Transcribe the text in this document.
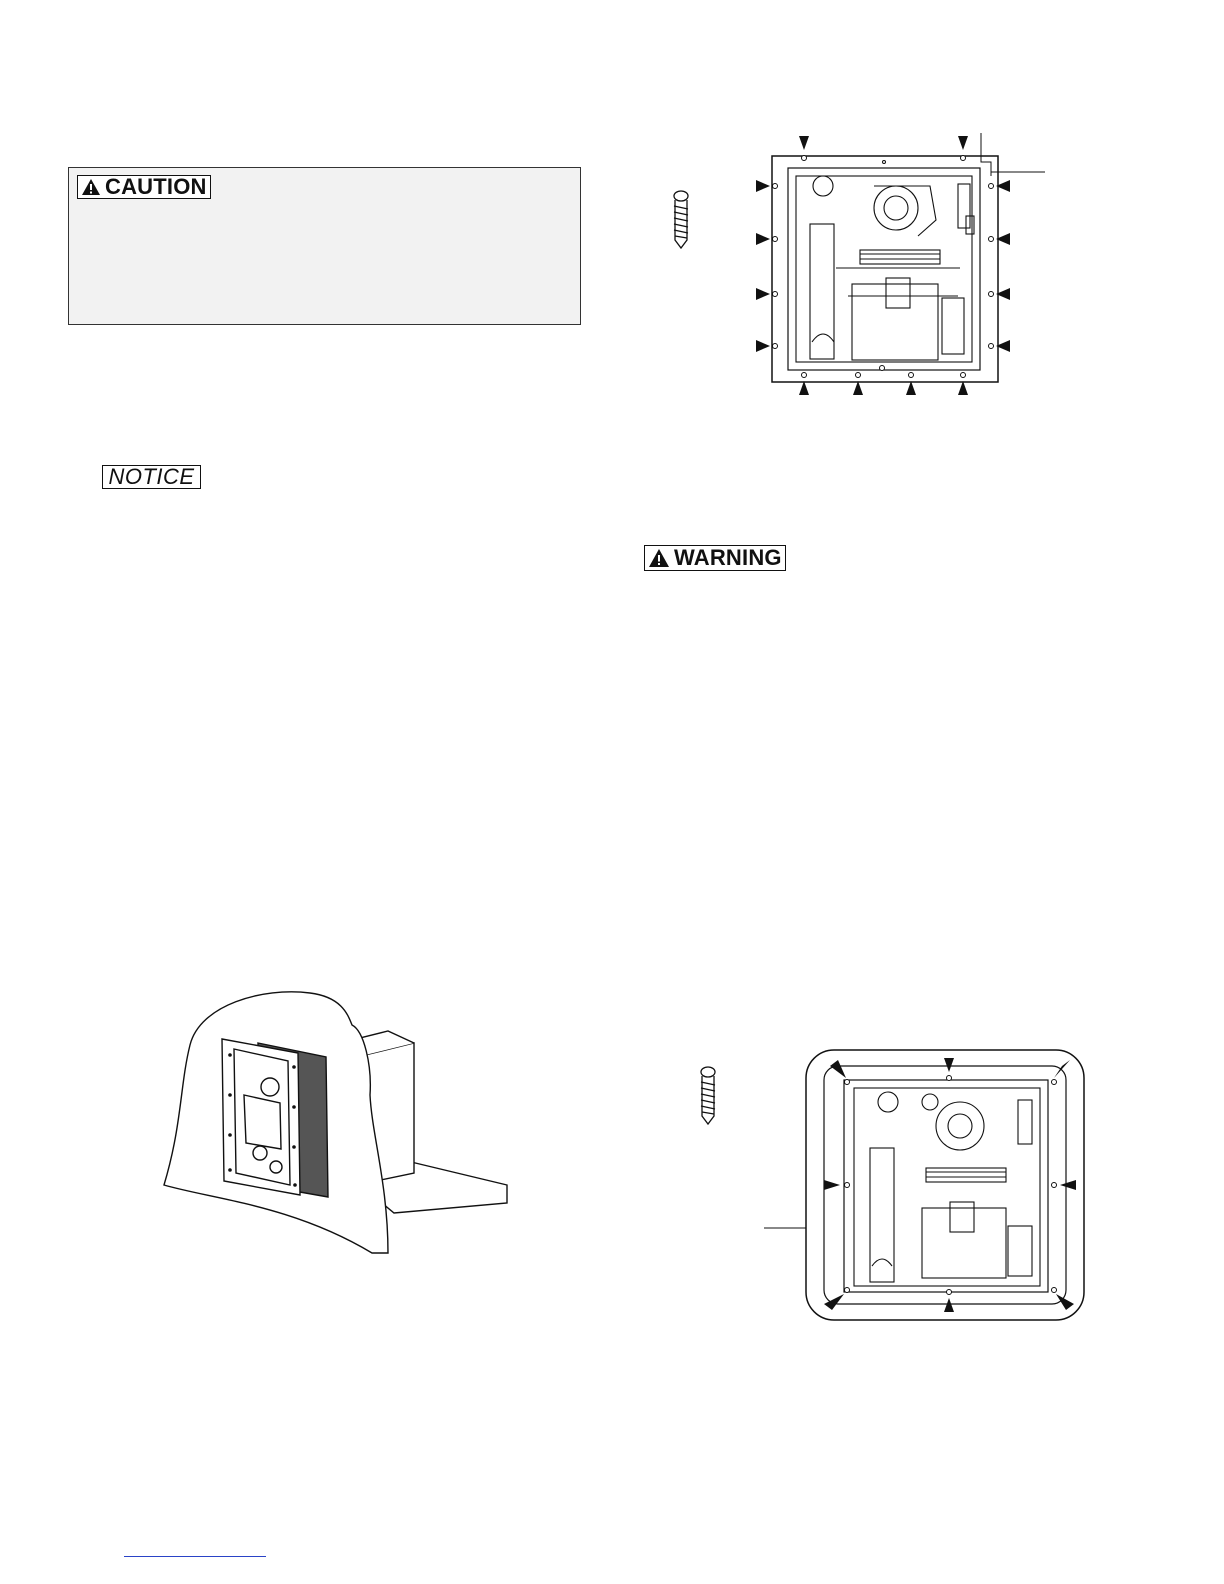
CAUTION
NOTICE
WARNING
